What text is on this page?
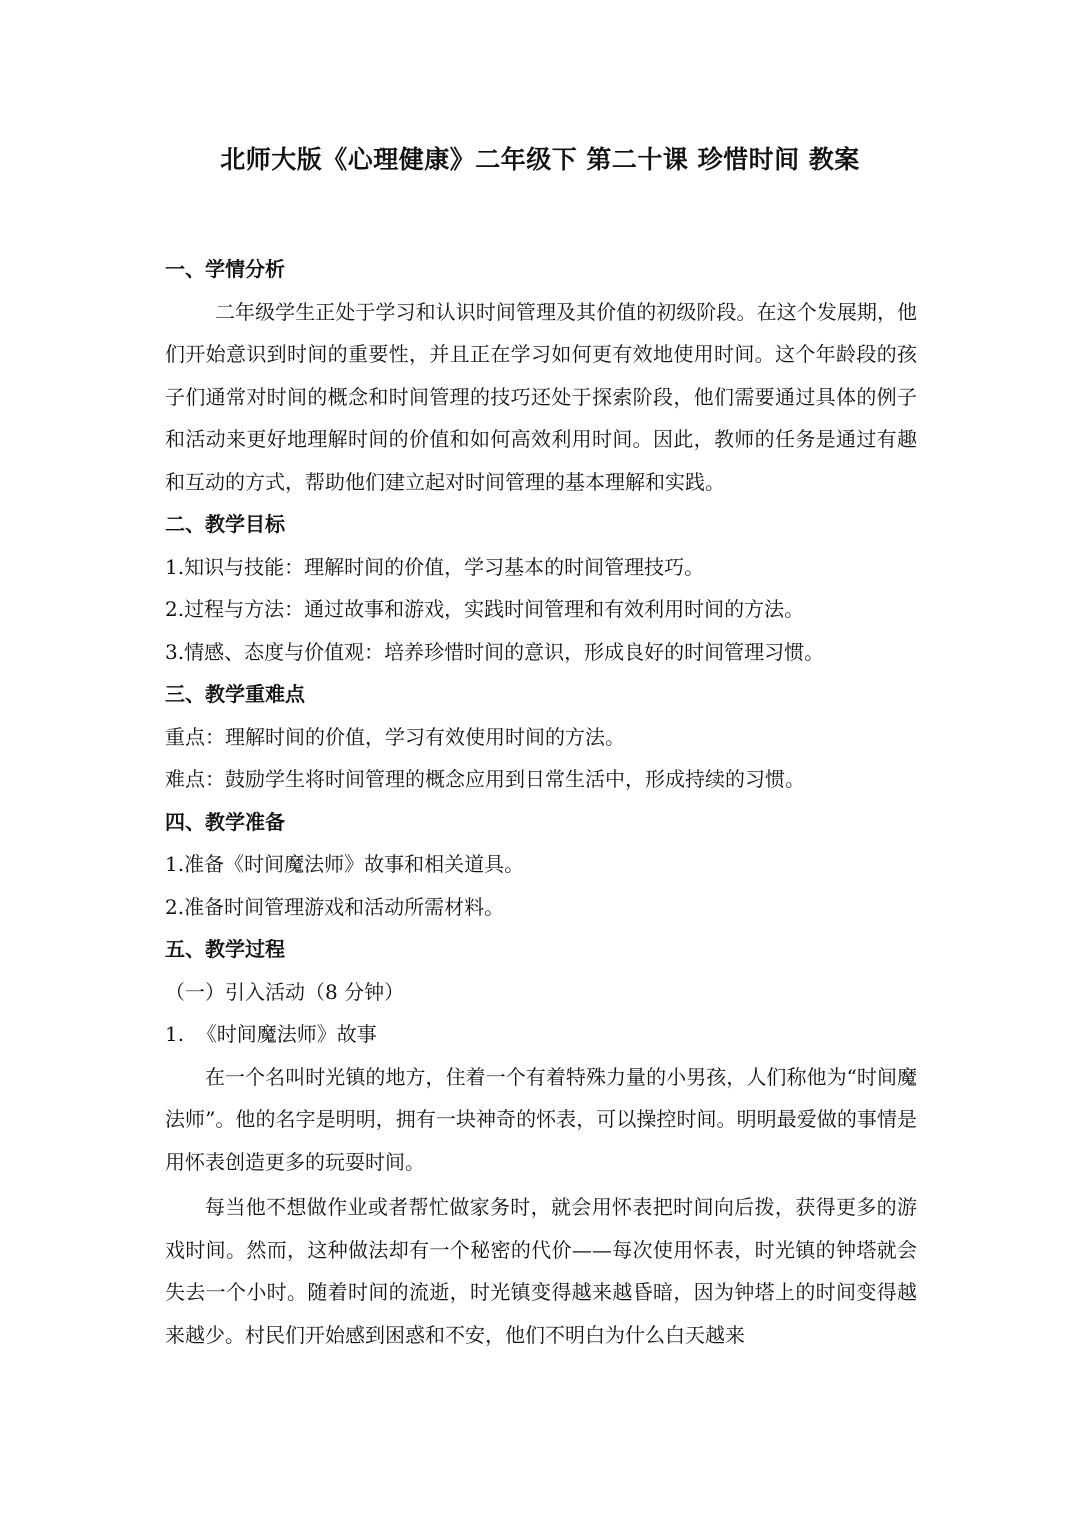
北师大版《心理健康》二年级下 第二十课 珍惜时间 教案

一、学情分析

二年级学生正处于学习和认识时间管理及其价值的初级阶段。在这个发展期，他们开始意识到时间的重要性，并且正在学习如何更有效地使用时间。这个年龄段的孩子们通常对时间的概念和时间管理的技巧还处于探索阶段，他们需要通过具体的例子和活动来更好地理解时间的价值和如何高效利用时间。因此，教师的任务是通过有趣和互动的方式，帮助他们建立起对时间管理的基本理解和实践。

二、教学目标

1.知识与技能：理解时间的价值，学习基本的时间管理技巧。

2.过程与方法：通过故事和游戏，实践时间管理和有效利用时间的方法。

3.情感、态度与价值观：培养珍惜时间的意识，形成良好的时间管理习惯。

三、教学重难点

重点：理解时间的价值，学习有效使用时间的方法。

难点：鼓励学生将时间管理的概念应用到日常生活中，形成持续的习惯。

四、教学准备

1.准备《时间魔法师》故事和相关道具。

2.准备时间管理游戏和活动所需材料。

五、教学过程

（一）引入活动（8 分钟）

1.  《时间魔法师》故事

在一个名叫时光镇的地方，住着一个有着特殊力量的小男孩，人们称他为“时间魔法师”。他的名字是明明，拥有一块神奇的怀表，可以操控时间。明明最爱做的事情是用怀表创造更多的玩耍时间。

每当他不想做作业或者帮忙做家务时，就会用怀表把时间向后拨，获得更多的游戏时间。然而，这种做法却有一个秘密的代价——每次使用怀表，时光镇的钟塔就会失去一个小时。随着时间的流逝，时光镇变得越来越昏暗，因为钟塔上的时间变得越来越少。村民们开始感到困惑和不安，他们不明白为什么白天越来
